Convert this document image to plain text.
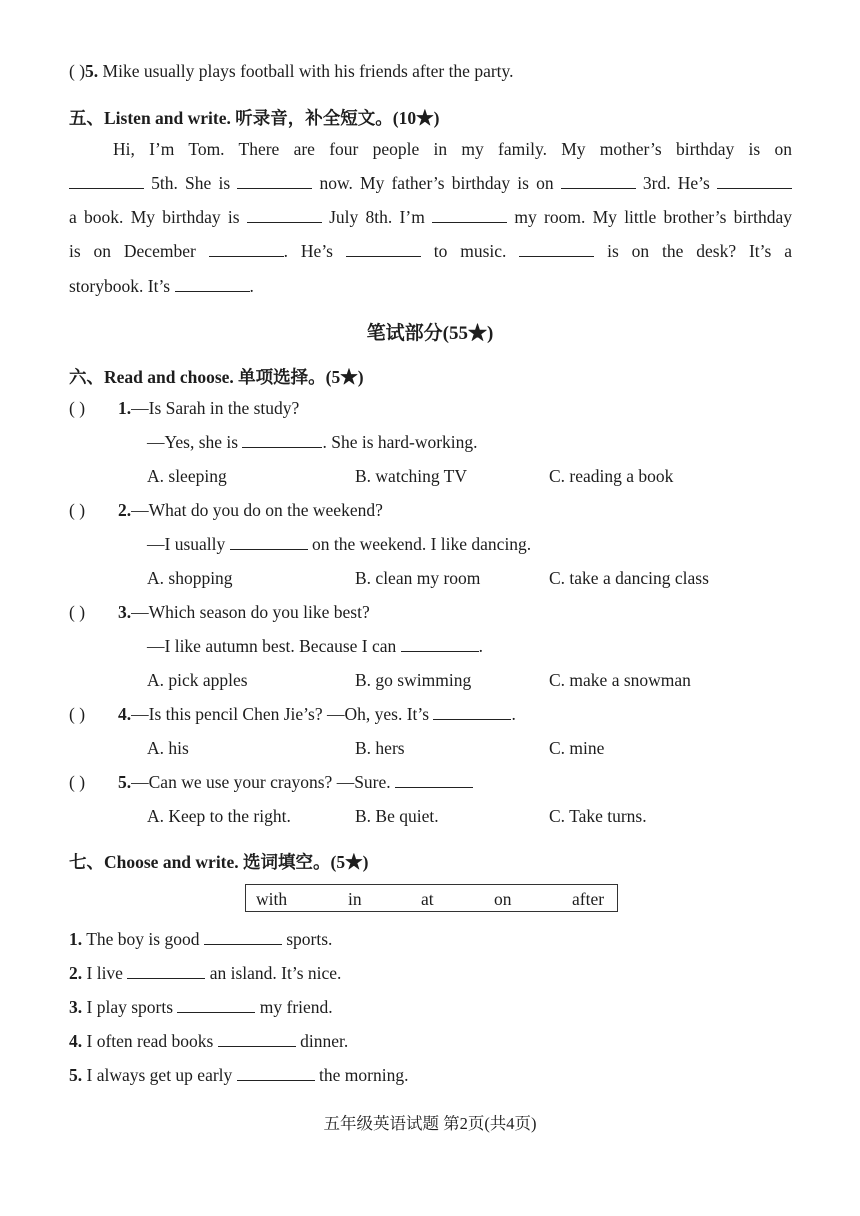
( )5. Mike usually plays football with his friends after the party.
五、Listen and write. 听录音，补全短文。(10★)
Hi, I’m Tom. There are four people in my family. My mother’s birthday is on
5th. She is	now. My father’s birthday is on	3rd. He’s
a book. My birthday is	July 8th. I’m	my room. My little brother’s birthday
is on December	. He’s	to music.	is on the desk? It’s a
storybook. It’s	.
笔试部分(55★)
六、Read and choose. 单项选择。(5★)
( ) 1.—Is Sarah in the study?
—Yes, she is	. She is hard-working.
A. sleeping	B. watching TV	C. reading a book
( ) 2.—What do you do on the weekend?
—I usually	on the weekend. I like dancing.
A. shopping	B. clean my room	C. take a dancing class
( ) 3.—Which season do you like best?
—I like autumn best. Because I can	.
A. pick apples	B. go swimming	C. make a snowman
( ) 4.—Is this pencil Chen Jie’s? —Oh, yes. It’s	.
A. his	B. hers	C. mine
( ) 5.—Can we use your crayons? —Sure.
A. Keep to the right.	B. Be quiet.	C. Take turns.
七、Choose and write. 选词填空。(5★)
with	in	at	on	after
1. The boy is good	sports.
2. I live	an island. It’s nice.
3. I play sports	my friend.
4. I often read books	dinner.
5. I always get up early	the morning.
五年级英语试题 第2页(共4页)
